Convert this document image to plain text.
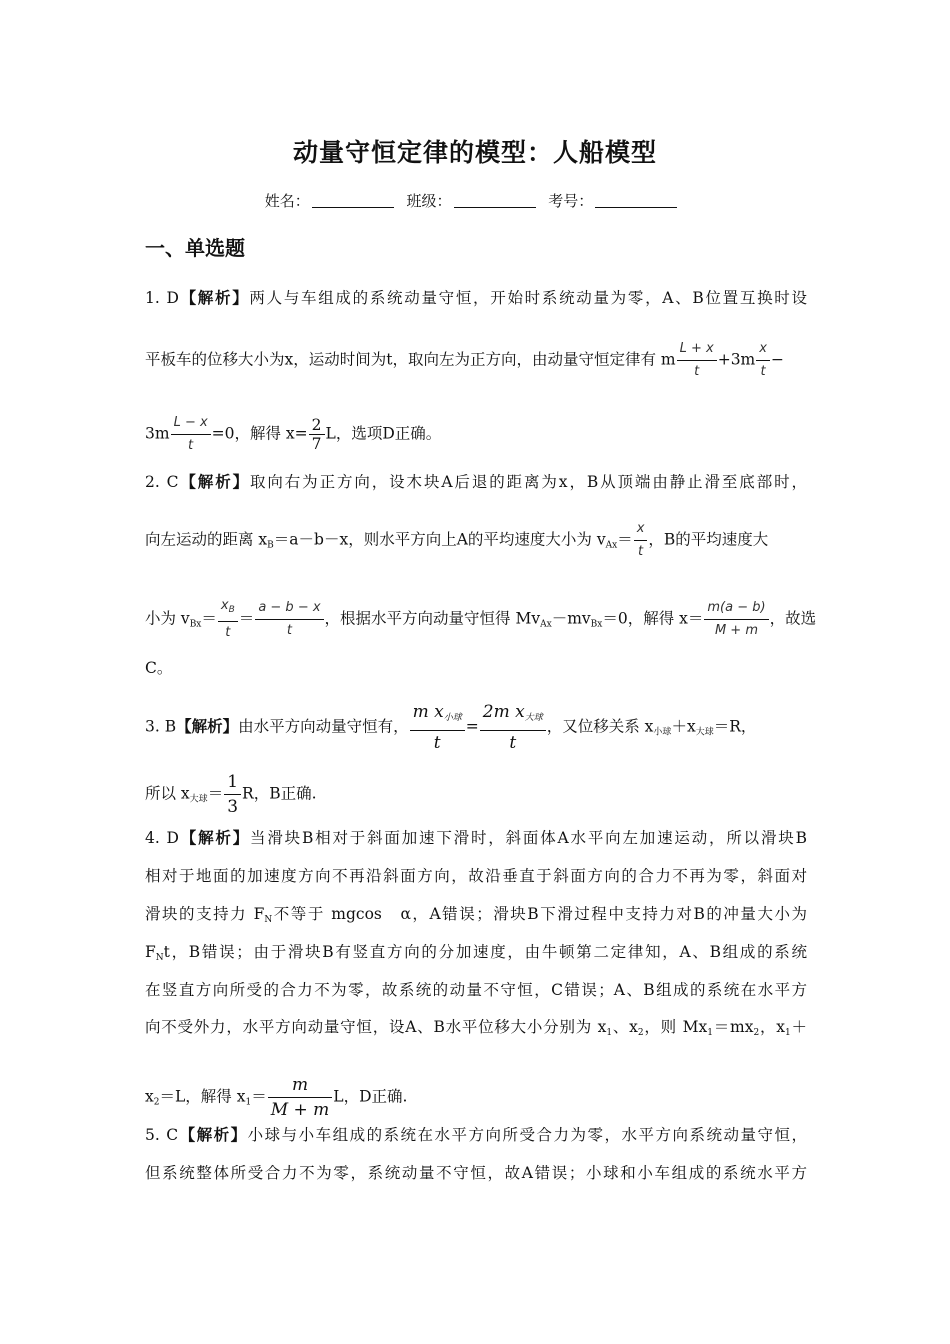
动量守恒定律的模型：人船模型
姓名：	班级：	考号：
一、单选题
1. D【解析】两人与车组成的系统动量守恒，开始时系统动量为零，A、B位置互换时设
平板车的位移大小为x，运动时间为t，取向左为正方向，由动量守恒定律有 m $\frac{L + x}{t} +3m \frac{x}{t}$ −
$3m \frac{L - x}{t} =0$，解得 $x= \frac{2}{7}$ L，选项D正确。
2. C【解析】取向右为正方向，设木块A后退的距离为x，B从顶端由静止滑至底部时，
向左运动的距离 $x_B=a-b-x$，则水平方向上A的平均速度大小为 $v_{Ax}= \frac{x}{t}$ ，B的平均速度大
小为 $v_{Bx}= \frac{x_B}{t} = \frac{a - b - x}{t}$ ，根据水平方向动量守恒得 $Mv_{Ax}-mv_{Bx}=0$，解得 $x= \frac{m(a - b)}{M + m}$ ，故选
C。
3. B【解析】由水平方向动量守恒有， $\frac{m x_{小球}}{t} = \frac{2m x_{大球}}{t}$ ，又位移关系 $x_{小球}+x_{大球}=R$，
所以 $x_{大球}= \frac{1}{3}$ R，B正确.
4. D【解析】当滑块B相对于斜面加速下滑时，斜面体A水平向左加速运动，所以滑块B
相对于地面的加速度方向不再沿斜面方向，故沿垂直于斜面方向的合力不再为零，斜面对
滑块的支持力 $F_N$不等于 mgcos　α，A错误；滑块B下滑过程中支持力对B的冲量大小为
$F_Nt$，B错误；由于滑块B有竖直方向的分加速度，由牛顿第二定律知，A、B组成的系统
在竖直方向所受的合力不为零，故系统的动量不守恒，C错误；A、B组成的系统在水平方
向不受外力，水平方向动量守恒，设A、B水平位移大小分别为 $x_1$、$x_2$，则 $Mx_1=mx_2$，$x_1+$
$x_2=L$，解得 $x_1= \frac{m}{M + m}$ L，D正确.
5. C【解析】小球与小车组成的系统在水平方向所受合力为零，水平方向系统动量守恒，
但系统整体所受合力不为零，系统动量不守恒，故A错误；小球和小车组成的系统水平方
